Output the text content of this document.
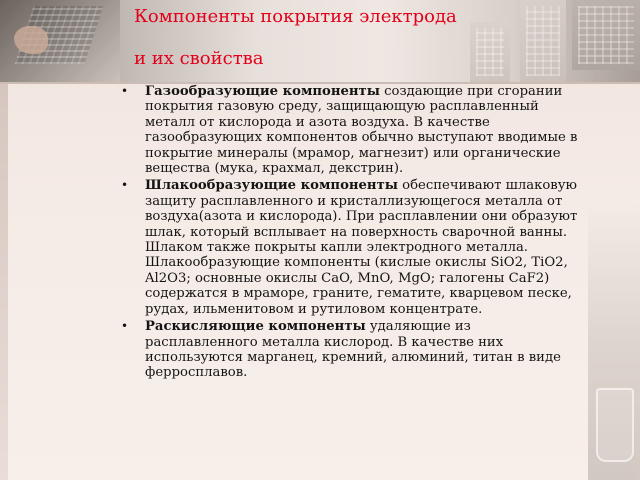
Компоненты покрытия электрода
и их свойства
• Газообразующие компоненты создающие при сгорании покрытия газовую среду, защищающую расплавленный металл от кислорода и азота воздуха. В качестве газообразующих компонентов обычно выступают вводимые в покрытие минералы (мрамор, магнезит) или органические вещества (мука, крахмал, декстрин).
• Шлакообразующие компоненты обеспечивают шлаковую защиту расплавленного и кристаллизующегося металла от воздуха(азота и кислорода). При расплавлении они образуют шлак, который всплывает на поверхность сварочной ванны. Шлаком также покрыты капли электродного металла. Шлакообразующие компоненты (кислые окислы SiO2, TiO2, Al2O3; основные окислы CaO, MnO, MgO; галогены CaF2) содержатся в мраморе, граните, гематите, кварцевом песке, рудах, ильменитовом и рутиловом концентрате.
• Раскисляющие компоненты удаляющие из расплавленного металла кислород. В качестве них используются марганец, кремний, алюминий, титан в виде ферросплавов.
